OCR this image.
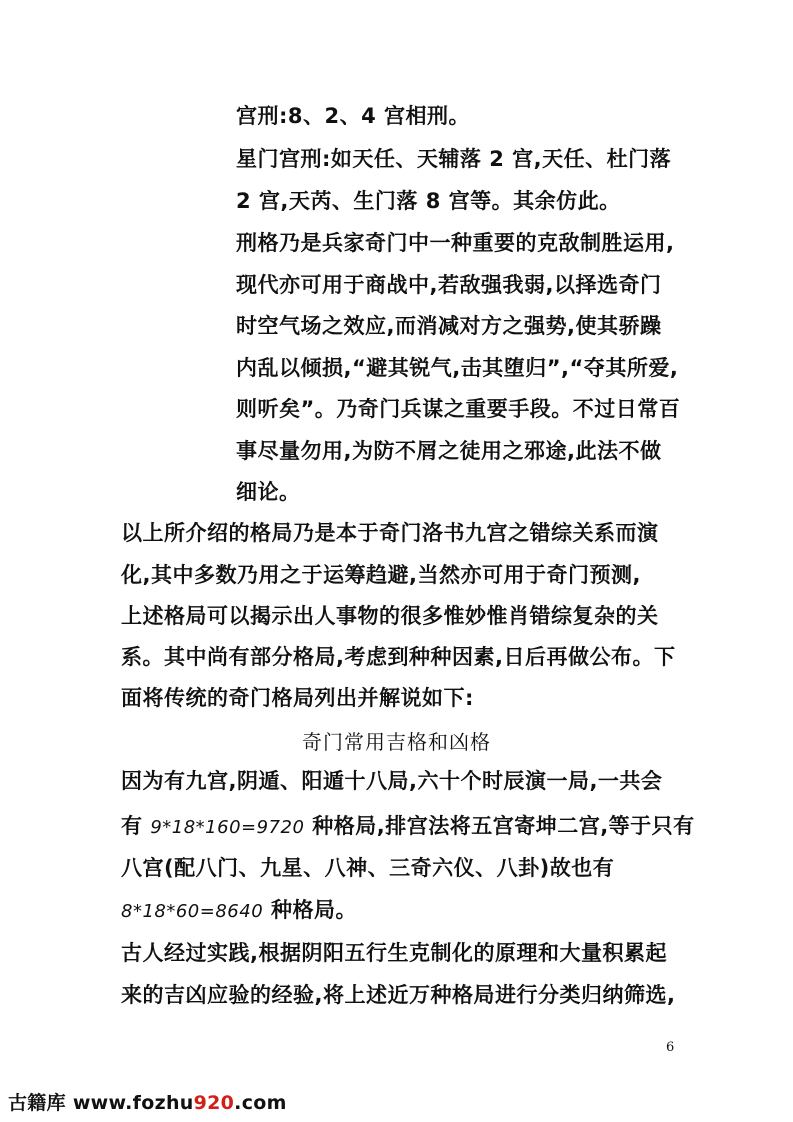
宫刑:8、2、4 宫相刑。
星门宫刑:如天任、天辅落 2 宫,天任、杜门落
2 宫,天芮、生门落 8 宫等。其余仿此。
刑格乃是兵家奇门中一种重要的克敌制胜运用,
现代亦可用于商战中,若敌强我弱,以择选奇门
时空气场之效应,而消减对方之强势,使其骄躁
内乱以倾损,“避其锐气,击其堕归”,“夺其所爱,
则听矣”。乃奇门兵谋之重要手段。不过日常百
事尽量勿用,为防不屑之徒用之邪途,此法不做
细论。
以上所介绍的格局乃是本于奇门洛书九宫之错综关系而演
化,其中多数乃用之于运筹趋避,当然亦可用于奇门预测,
上述格局可以揭示出人事物的很多惟妙惟肖错综复杂的关
系。其中尚有部分格局,考虑到种种因素,日后再做公布。下
面将传统的奇门格局列出并解说如下:
奇门常用吉格和凶格
因为有九宫,阴遁、阳遁十八局,六十个时辰演一局,一共会
有 9*18*160=9720 种格局,排宫法将五宫寄坤二宫,等于只有
八宫(配八门、九星、八神、三奇六仪、八卦)故也有
8*18*60=8640 种格局。
古人经过实践,根据阴阳五行生克制化的原理和大量积累起
来的吉凶应验的经验,将上述近万种格局进行分类归纳筛选,
6
古籍库 www.fozhu920.com
